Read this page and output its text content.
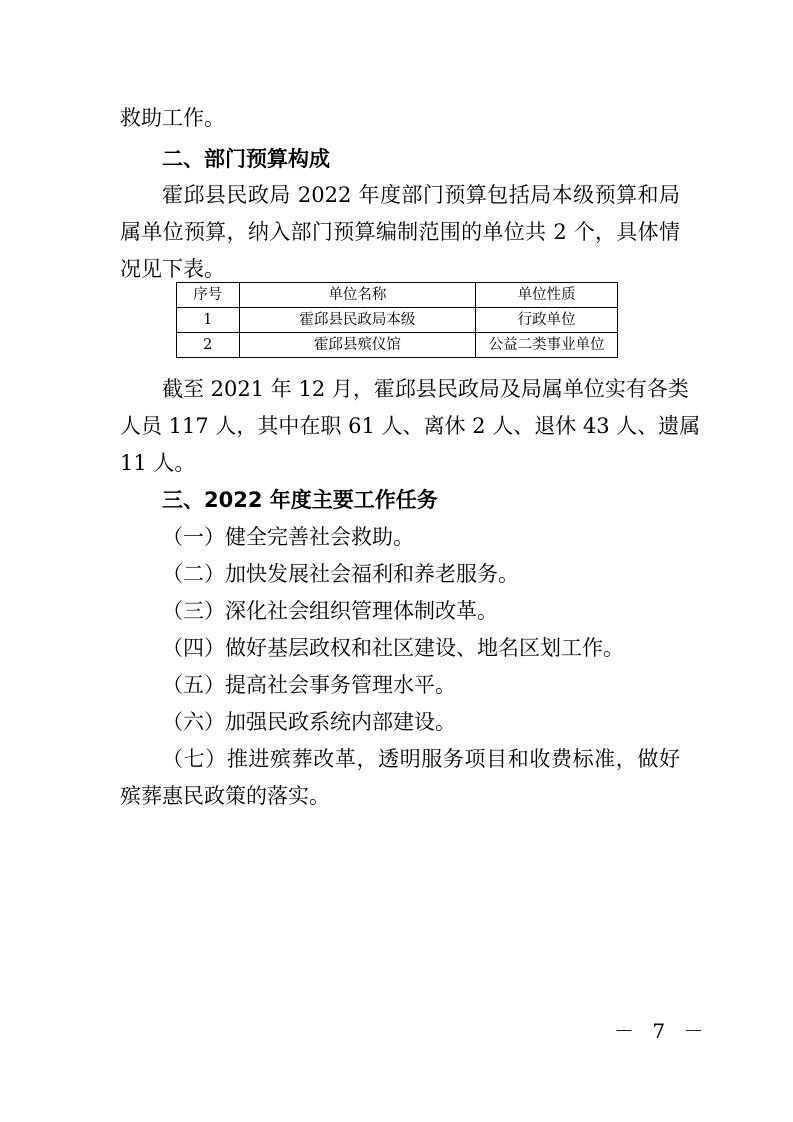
救助工作。
二、部门预算构成
霍邱县民政局 2022 年度部门预算包括局本级预算和局
属单位预算，纳入部门预算编制范围的单位共 2 个，具体情
况见下表。
序号	单位名称	单位性质
1	霍邱县民政局本级	行政单位
2	霍邱县殡仪馆	公益二类事业单位
截至 2021 年 12 月，霍邱县民政局及局属单位实有各类
人员 117 人，其中在职 61 人、离休 2 人、退休 43 人、遗属
11 人。
三、2022 年度主要工作任务
（一）健全完善社会救助。
（二）加快发展社会福利和养老服务。
（三）深化社会组织管理体制改革。
（四）做好基层政权和社区建设、地名区划工作。
（五）提高社会事务管理水平。
（六）加强民政系统内部建设。
（七）推进殡葬改革，透明服务项目和收费标准，做好
殡葬惠民政策的落实。
－ 7 －
